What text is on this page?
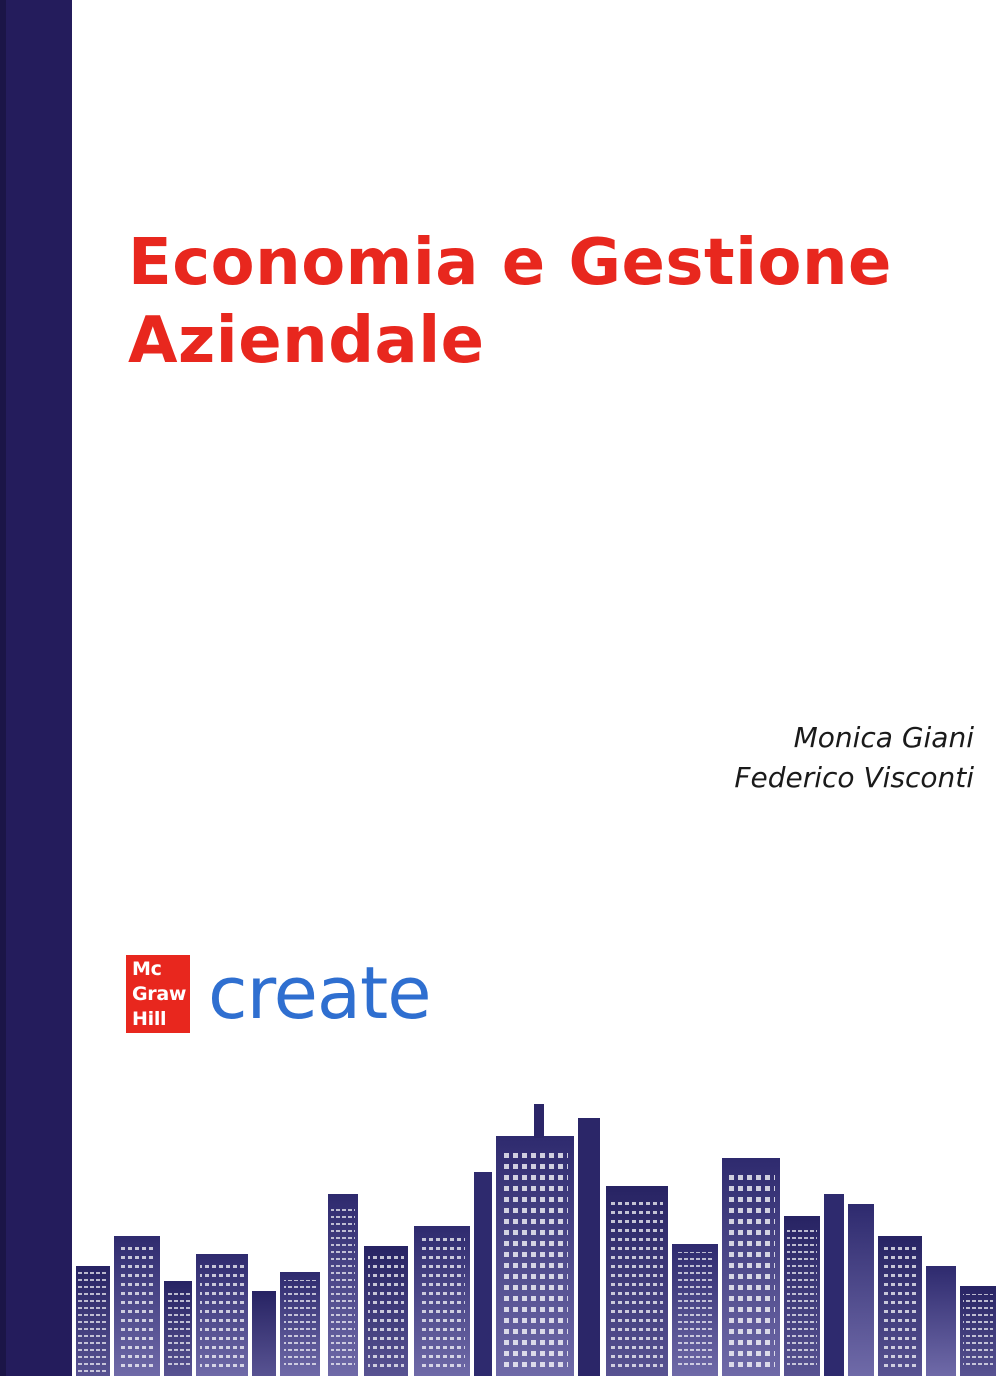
Economia e Gestione
Aziendale
Monica Giani
Federico Visconti
Mc
Graw
Hill create
